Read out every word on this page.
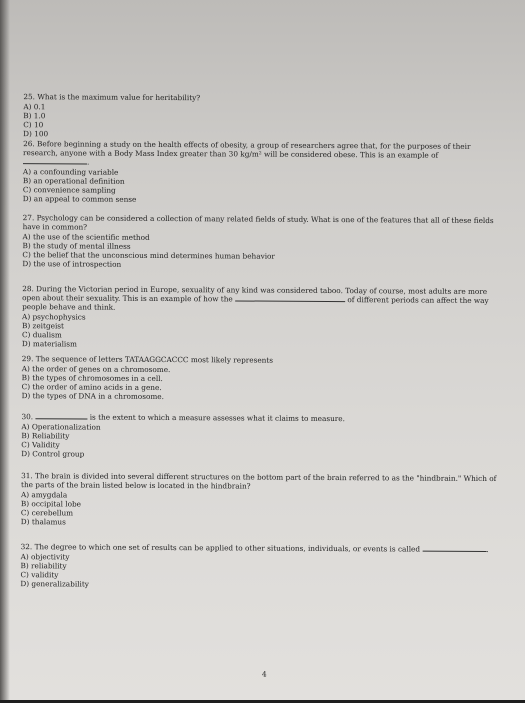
25. What is the maximum value for heritability?
A) 0.1
B) 1.0
C) 10
D) 100
26. Before beginning a study on the health effects of obesity, a group of researchers agree that, for the purposes of their research, anyone with a Body Mass Index greater than 30 kg/m² will be considered obese. This is an example of .
A) a confounding variable
B) an operational definition
C) convenience sampling
D) an appeal to common sense
27. Psychology can be considered a collection of many related fields of study. What is one of the features that all of these fields have in common?
A) the use of the scientific method
B) the study of mental illness
C) the belief that the unconscious mind determines human behavior
D) the use of introspection
28. During the Victorian period in Europe, sexuality of any kind was considered taboo. Today of course, most adults are more open about their sexuality. This is an example of how the	of different periods can affect the way people behave and think.
A) psychophysics
B) zeitgeist
C) dualism
D) materialism
29. The sequence of letters TATAAGGCACCC most likely represents
A) the order of genes on a chromosome.
B) the types of chromosomes in a cell.
C) the order of amino acids in a gene.
D) the types of DNA in a chromosome.
30.	is the extent to which a measure assesses what it claims to measure.
A) Operationalization
B) Reliability
C) Validity
D) Control group
31. The brain is divided into several different structures on the bottom part of the brain referred to as the "hindbrain." Which of the parts of the brain listed below is located in the hindbrain?
A) amygdala
B) occipital lobe
C) cerebellum
D) thalamus
32. The degree to which one set of results can be applied to other situations, individuals, or events is called	.
A) objectivity
B) reliability
C) validity
D) generalizability
4
